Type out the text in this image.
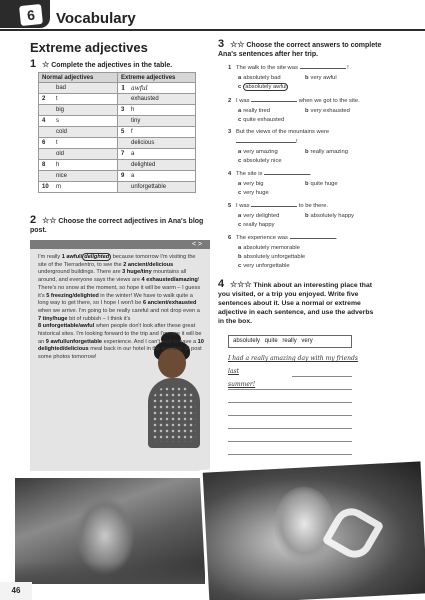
6	Vocabulary
Extreme adjectives
1 ☆ Complete the adjectives in the table.
Normal adjectives	Extreme adjectives
bad	1 awful
2 t	exhausted
big	3 h
4 s	tiny
cold	5 f
6 t	delicious
old	7 a
8 h	delighted
nice	9 a
10 m	unforgettable
2 ☆☆ Choose the correct adjectives in Ana's blog post.
< >
I'm really 1 awful/ delighted because tomorrow I'm visiting the site of the Tierradentro, to see the 2 ancient/delicious underground buildings. There are 3 huge/tiny mountains all around, and everyone says the views are 4 exhausted/amazing! There's no snow at the moment, so hope it will be warm – I guess it's 5 freezing/delighted in the winter! We have to walk quite a long way to get there, so I hope I won't be 6 ancient/exhausted when we arrive. I'm going to be really careful and not drop even a
7 tiny/huge bit of rubbish – I think it's
8 unforgettable/awful when people don't look after these great historical sites. I'm looking forward to the trip and I'm sure it will be an 9 awful/unforgettable experience. And I can't wait to have a 10 delighted/delicious meal back in our hotel in the evening! I'll post some photos tomorrow!
3 ☆☆ Choose the correct answers to complete Ana's sentences after her trip.
1 The walk to the site was	!
a absolutely bad	b very awful
c absolutely awful
2 I was	when we got to the site.
a really tired	b very exhausted
c quite exhausted
3 But the views of the mountains were
!
a very amazing	b really amazing
c absolutely nice
4 The site is	.
a very big	b quite huge
c very huge
5 I was	to be there.
a very delighted	b absolutely happy
c really happy
6 The experience was	.
a absolutely memorable
b absolutely unforgettable
c very unforgettable
4 ☆☆☆ Think about an interesting place that you visited, or a trip you enjoyed. Write five sentences about it. Use a normal or extreme adjective in each sentence, and use the adverbs in the box.
absolutely quite really very
I had a really amazing day with my friends last
summer!
46
